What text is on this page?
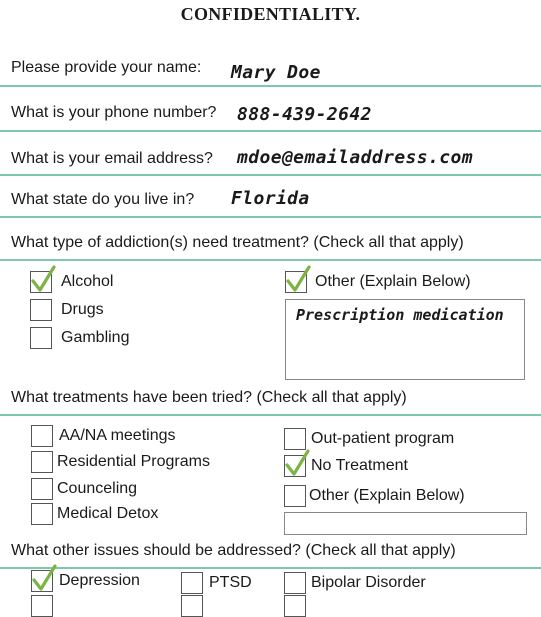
CONFIDENTIALITY.
Please provide your name: Mary Doe
What is your phone number? 888-439-2642
What is your email address? mdoe@emailaddress.com
What state do you live in? Florida
What type of addiction(s) need treatment? (Check all that apply)
Alcohol
Drugs
Gambling
Other (Explain Below)
Prescription medication
What treatments have been tried? (Check all that apply)
AA/NA meetings
Residential Programs
Counceling
Medical Detox
Out-patient program
No Treatment
Other (Explain Below)
What other issues should be addressed? (Check all that apply)
Depression	PTSD	Bipolar Disorder
